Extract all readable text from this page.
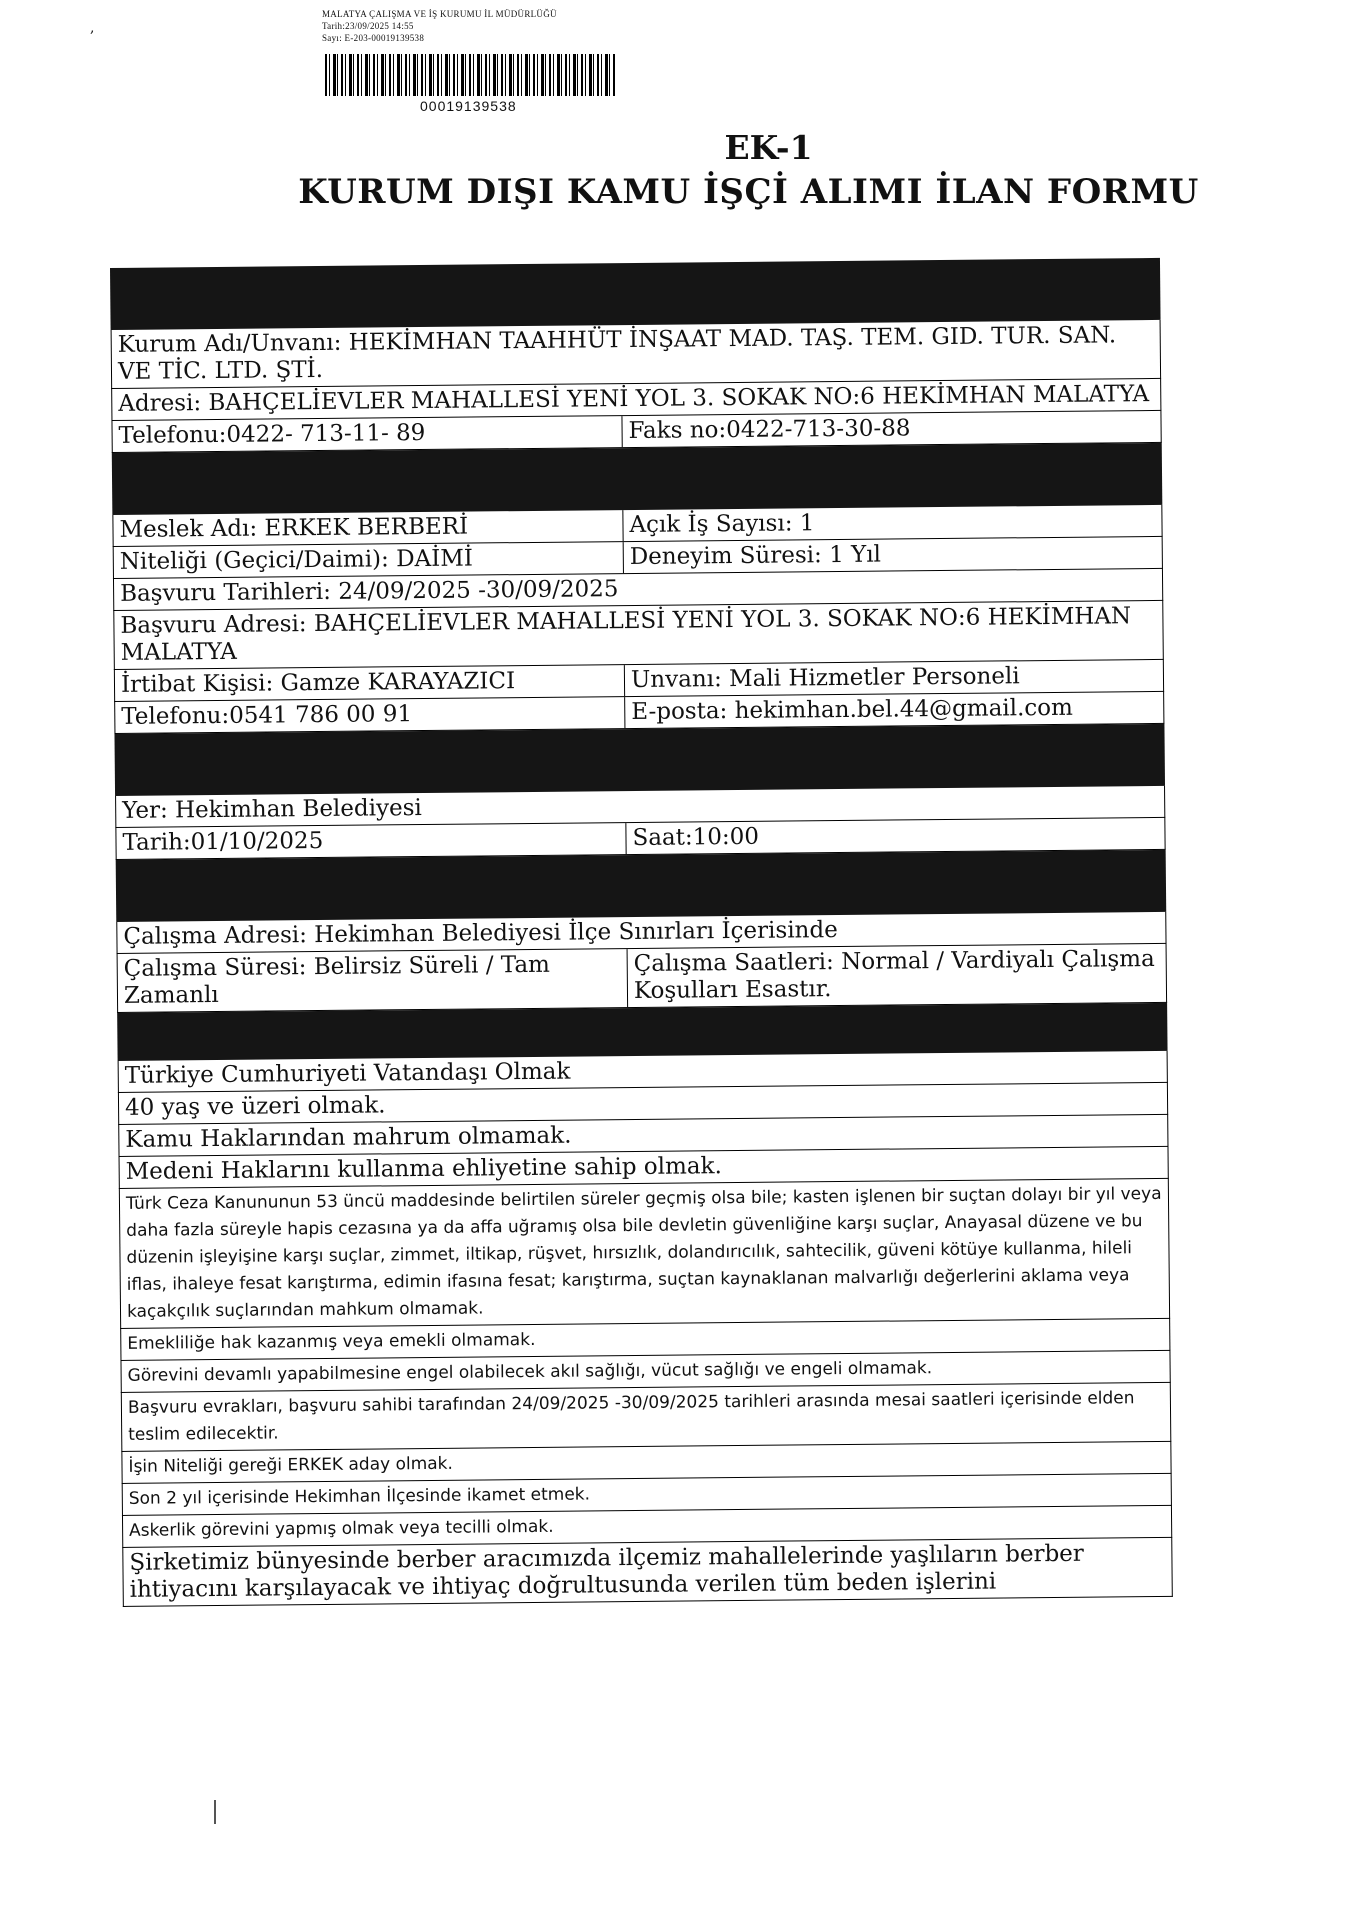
,
MALATYA ÇALIŞMA VE İŞ KURUMU İL MÜDÜRLÜĞÜ
Tarih:23/09/2025 14:55
Sayı: E-203-00019139538
00019139538
EK-1
KURUM DIŞI KAMU İŞÇİ ALIMI İLAN FORMU
Kurum Adı/Unvanı: HEKİMHAN TAAHHÜT İNŞAAT MAD. TAŞ. TEM. GID. TUR. SAN. VE TİC. LTD. ŞTİ.
Adresi: BAHÇELİEVLER MAHALLESİ YENİ YOL 3. SOKAK NO:6 HEKİMHAN MALATYA
Telefonu:0422- 713-11- 89	Faks no:0422-713-30-88
Meslek Adı: ERKEK BERBERİ	Açık İş Sayısı: 1
Niteliği (Geçici/Daimi): DAİMİ	Deneyim Süresi: 1 Yıl
Başvuru Tarihleri: 24/09/2025 -30/09/2025
Başvuru Adresi: BAHÇELİEVLER MAHALLESİ YENİ YOL 3. SOKAK NO:6 HEKİMHAN MALATYA
İrtibat Kişisi: Gamze KARAYAZICI	Unvanı: Mali Hizmetler Personeli
Telefonu:0541 786 00 91	E-posta: hekimhan.bel.44@gmail.com
Yer: Hekimhan Belediyesi
Tarih:01/10/2025	Saat:10:00
Çalışma Adresi: Hekimhan Belediyesi İlçe Sınırları İçerisinde
Çalışma Süresi: Belirsiz Süreli / Tam Zamanlı
Çalışma Saatleri: Normal / Vardiyalı Çalışma Koşulları Esastır.
Türkiye Cumhuriyeti Vatandaşı Olmak
40 yaş ve üzeri olmak.
Kamu Haklarından mahrum olmamak.
Medeni Haklarını kullanma ehliyetine sahip olmak.
Türk Ceza Kanununun 53 üncü maddesinde belirtilen süreler geçmiş olsa bile; kasten işlenen bir suçtan dolayı bir yıl veya daha fazla süreyle hapis cezasına ya da affa uğramış olsa bile devletin güvenliğine karşı suçlar, Anayasal düzene ve bu düzenin işleyişine karşı suçlar, zimmet, iltikap, rüşvet, hırsızlık, dolandırıcılık, sahtecilik, güveni kötüye kullanma, hileli iflas, ihaleye fesat karıştırma, edimin ifasına fesat; karıştırma, suçtan kaynaklanan malvarlığı değerlerini aklama veya kaçakçılık suçlarından mahkum olmamak.
Emekliliğe hak kazanmış veya emekli olmamak.
Görevini devamlı yapabilmesine engel olabilecek akıl sağlığı, vücut sağlığı ve engeli olmamak.
Başvuru evrakları, başvuru sahibi tarafından 24/09/2025 -30/09/2025 tarihleri arasında mesai saatleri içerisinde elden teslim edilecektir.
İşin Niteliği gereği ERKEK aday olmak.
Son 2 yıl içerisinde Hekimhan İlçesinde ikamet etmek.
Askerlik görevini yapmış olmak veya tecilli olmak.
Şirketimiz bünyesinde berber aracımızda ilçemiz mahallelerinde yaşlıların berber ihtiyacını karşılayacak ve ihtiyaç doğrultusunda verilen tüm beden işlerini
